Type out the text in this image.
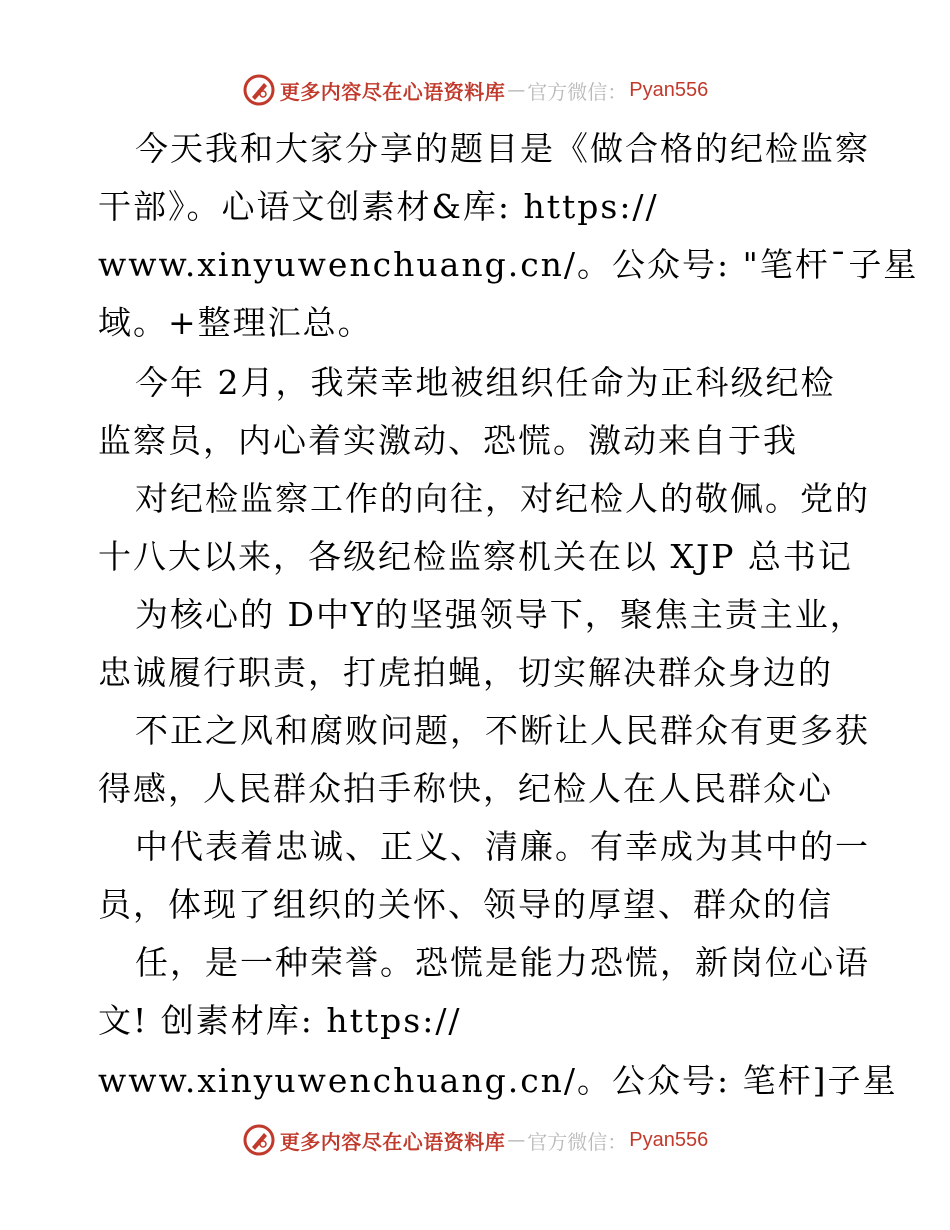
更多内容尽在心语资料库 — 官方微信： Pyan556
今天我和大家分享的题目是《做合格的纪检监察
干部》。心语文创素材&库: https://
www.xinyuwenchuang.cn/。公众号: "笔杆¯子星
域。+整理汇总。
今年 2月，我荣幸地被组织任命为正科级纪检
监察员，内心着实激动、恐慌。激动来自于我
对纪检监察工作的向往，对纪检人的敬佩。党的
十八大以来，各级纪检监察机关在以 XJP 总书记
为核心的 D中Y的坚强领导下，聚焦主责主业，
忠诚履行职责，打虎拍蝇，切实解决群众身边的
不正之风和腐败问题，不断让人民群众有更多获
得感，人民群众拍手称快，纪检人在人民群众心
中代表着忠诚、正义、清廉。有幸成为其中的一
员，体现了组织的关怀、领导的厚望、群众的信
任，是一种荣誉。恐慌是能力恐慌，新岗位心语
文! 创素材库: https://
www.xinyuwenchuang.cn/。公众号: 笔杆]子星
更多内容尽在心语资料库 — 官方微信： Pyan556
